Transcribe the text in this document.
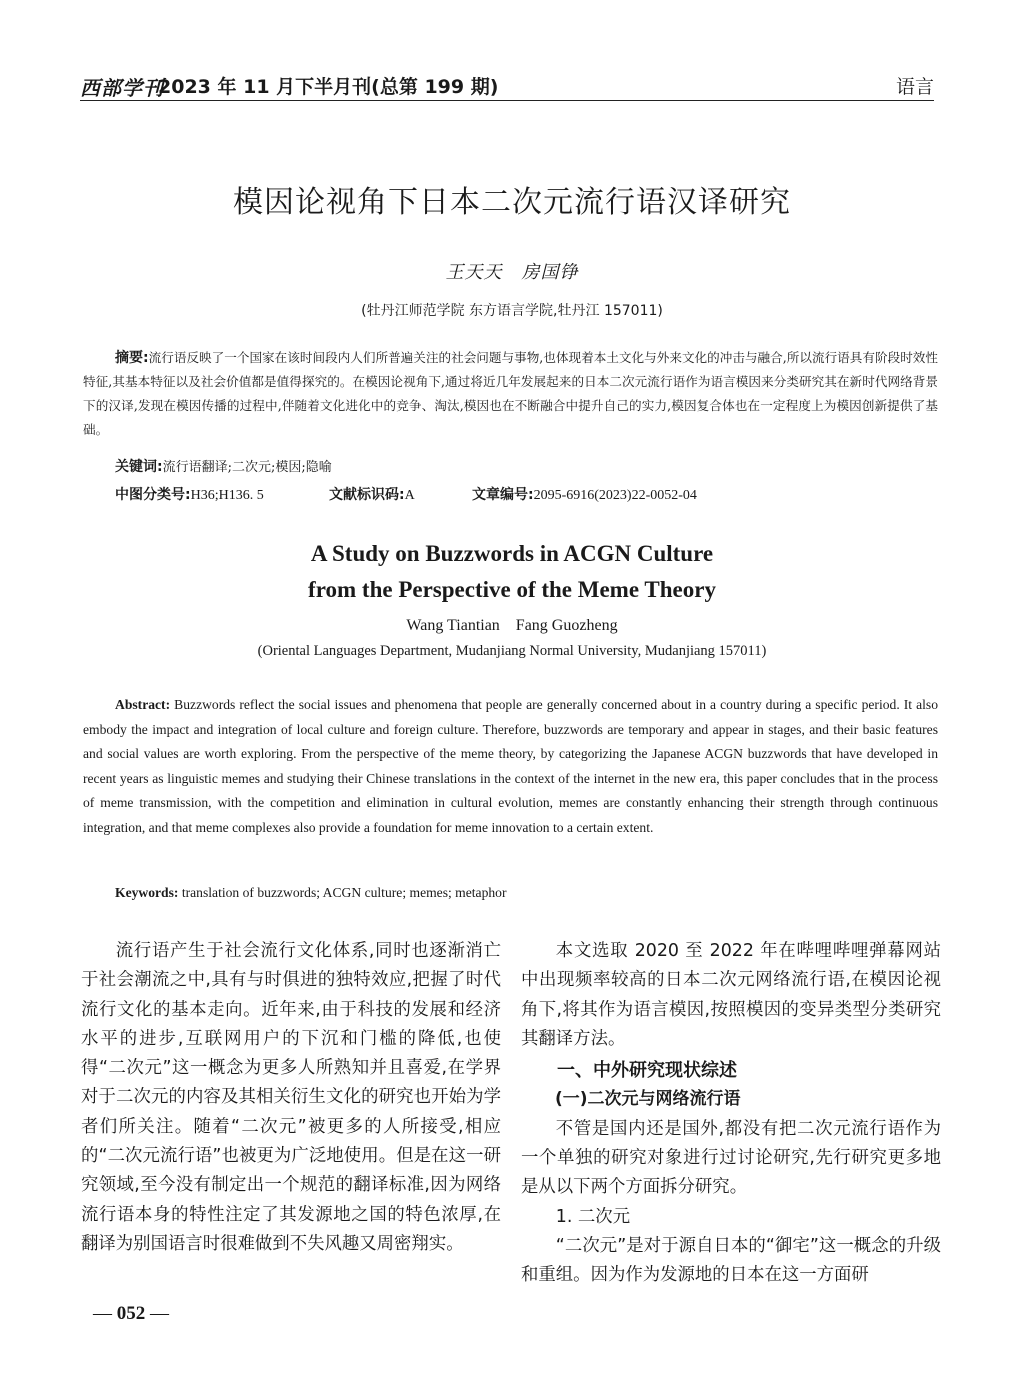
西部学刊
2023 年 11 月下半月刊(总第 199 期)	语言
模因论视角下日本二次元流行语汉译研究
王天天　房国铮
(牡丹江师范学院 东方语言学院,牡丹江 157011)

摘要:流行语反映了一个国家在该时间段内人们所普遍关注的社会问题与事物,也体现着本土文化与外来文化的冲击与融合,所以流行语具有阶段时效性特征,其基本特征以及社会价值都是值得探究的。在模因论视角下,通过将近几年发展起来的日本二次元流行语作为语言模因来分类研究其在新时代网络背景下的汉译,发现在模因传播的过程中,伴随着文化进化中的竞争、淘汰,模因也在不断融合中提升自己的实力,模因复合体也在一定程度上为模因创新提供了基础。

关键词:流行语翻译;二次元;模因;隐喻
中图分类号:H36;H136. 5	文献标识码:A	文章编号:2095-6916(2023)22-0052-04
A Study on Buzzwords in ACGN Culture
from the Perspective of the Meme Theory
Wang Tiantian　Fang Guozheng
(Oriental Languages Department, Mudanjiang Normal University, Mudanjiang 157011)

Abstract: Buzzwords reflect the social issues and phenomena that people are generally concerned about in a country during a specific period. It also embody the impact and integration of local culture and foreign culture. Therefore, buzzwords are temporary and appear in stages, and their basic features and social values are worth exploring. From the perspective of the meme theory, by categorizing the Japanese ACGN buzzwords that have developed in recent years as linguistic memes and studying their Chinese translations in the context of the internet in the new era, this paper concludes that in the process of meme transmission, with the competition and elimination in cultural evolution, memes are constantly enhancing their strength through continuous integration, and that meme complexes also provide a foundation for meme innovation to a certain extent.

Keywords: translation of buzzwords; ACGN culture; memes; metaphor

流行语产生于社会流行文化体系,同时也逐渐消亡于社会潮流之中,具有与时俱进的独特效应,把握了时代流行文化的基本走向。近年来,由于科技的发展和经济水平的进步,互联网用户的下沉和门槛的降低,也使得“二次元”这一概念为更多人所熟知并且喜爱,在学界对于二次元的内容及其相关衍生文化的研究也开始为学者们所关注。随着“二次元”被更多的人所接受,相应的“二次元流行语”也被更为广泛地使用。但是在这一研究领域,至今没有制定出一个规范的翻译标准,因为网络流行语本身的特性注定了其发源地之国的特色浓厚,在翻译为别国语言时很难做到不失风趣又周密翔实。

本文选取 2020 至 2022 年在哔哩哔哩弹幕网站中出现频率较高的日本二次元网络流行语,在模因论视角下,将其作为语言模因,按照模因的变异类型分类研究其翻译方法。

一、中外研究现状综述

(一)二次元与网络流行语

不管是国内还是国外,都没有把二次元流行语作为一个单独的研究对象进行过讨论研究,先行研究更多地是从以下两个方面拆分研究。

1. 二次元

“二次元”是对于源自日本的“御宅”这一概念的升级和重组。因为作为发源地的日本在这一方面研

— 052 —
